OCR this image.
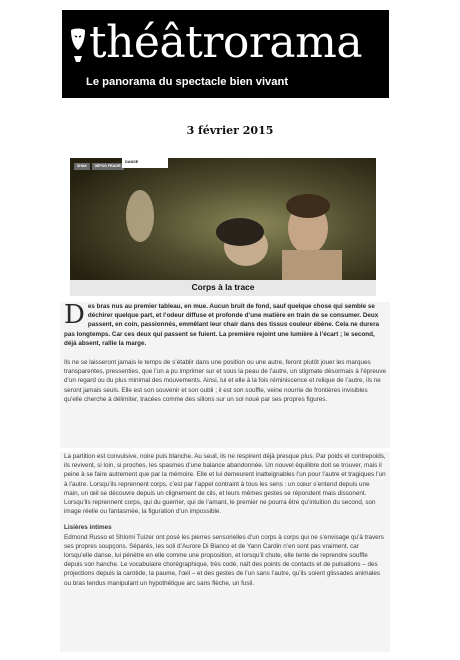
théâtrorama
Le panorama du spectacle bien vivant
3 février 2015
ЗНАК	ЗÉРОS FRAGR
DANSE
Corps à la trace

Des bras nus au premier tableau, en mue. Aucun bruit de fond, sauf quelque chose qui semble se déchirer quelque part, et l’odeur diffuse et profonde d’une matière en train de se consumer. Deux passent, en coin, passionnés, emmêlant leur chair dans des tissus couleur ébène. Cela ne durera pas longtemps. Car ces deux qui passent se fuient. La première rejoint une lumière à l’écart ; le second, déjà absent, rallie la marge.

Ils ne se laisseront jamais le temps de s’établir dans une position ou une autre, feront plutôt jouer les marques transparentes, pressenties, que l’un a pu imprimer sur et sous la peau de l’autre, un stigmate désormais à l’épreuve d’un regard ou du plus minimal des mouvements. Ainsi, lui et elle à la fois réminiscence et relique de l’autre, ils ne seront jamais seuls. Elle est son souvenir et son oubli ; il est son souffle, veine nourrie de frontières invisibles qu’elle cherche à délimiter, tracées comme des sillons sur un sol noué par ses propres figures.

La partition est convulsive, noire puis blanche. Au seuil, ils ne respirent déjà presque plus. Par poids et contrepoids, ils revivent, si loin, si proches, les spasmes d’une balance abandonnée. Un nouvel équilibre doit se trouver, mais il peine à se faire autrement que par la mémoire. Elle et lui demeurent inatteignables l’un pour l’autre et tragiques l’un à l’autre. Lorsqu’ils reprennent corps, c’est par l’appel contraint à tous les sens : un cœur s’entend depuis une main, un œil se découvre depuis un clignement de cils, et leurs mêmes gestes se répondent mais dissonent. Lorsqu’ils reprennent corps, qui du guerrier, qui de l’amant, le premier ne pourra être qu’intuition du second, son image réelle ou fantasmée, la figuration d’un impossible.

Lisières intimes

Edmond Russo et Shlomi Tuizer ont posé les pierres sensorielles d’un corps à corps qui ne s’envisage qu’à travers ses propres soupçons. Séparés, les soli d’Aurore Di Bianco et de Yann Cardin n’en sont pas vraiment, car lorsqu’elle danse, lui pénètre en elle comme une proposition, et lorsqu’il chute, elle tente de reprendre souffle depuis son hanche. Le vocabulaire chorégraphique, très codé, naît des points de contacts et de pulsations – des projections depuis la carotide, la paume, l’œil – et des gestes de l’un sans l’autre, qu’ils soient glissades animales ou bras tendus manipulant un hypothétique arc sans flèche, un fusil.
